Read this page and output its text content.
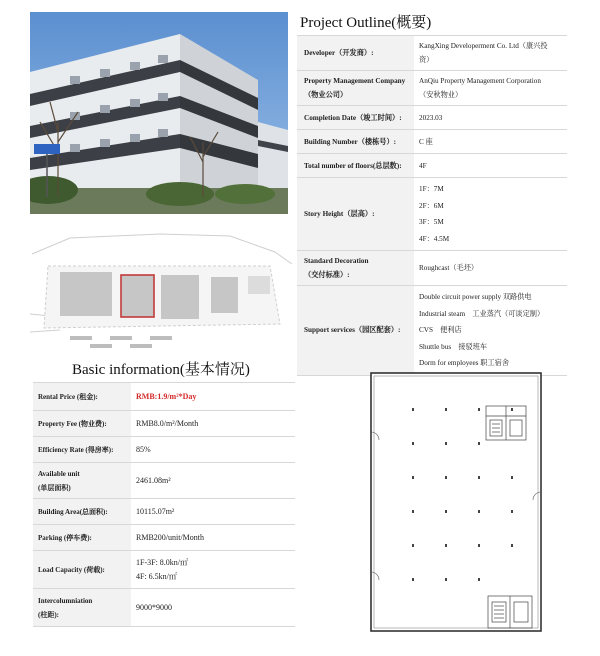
Project Outline(概要)
Developer（开发商）:	KangXing Developerment Co. Ltd（康兴投
资）

Property Management Company
（物业公司）	AnQiu Property Management Corporation
（安秋物业）

Completion Date（竣工时间）:	2023.03
Building Number（楼栋号）:	C 座
Total number of floors(总层数):	4F
Story Height（层高）:	1F：7M
2F：6M
3F：5M
4F：4.5M

Standard Decoration
（交付标准）:	Roughcast（毛坯）
Support services（园区配套）:	Double circuit power supply 双路供电
Industrial steam　工业蒸汽（可谈定制）
CVS　便利店
Shuttle bus　接驳班车
Dorm for employees 职工宿舍
Basic information(基本情况)
Rental Price (租金):	RMB:1.9/m²*Day
Property Fee (物业费):	RMB8.0/m²/Month
Efficiency Rate (得房率):	85%

Available unit
(单层面积)	2461.08m²
Building Area(总面积):	10115.07m²
Parking (停车费):	RMB200/unit/Month
Load Capacity (荷载):	1F-3F: 8.0kn/㎡
4F: 6.5kn/㎡

Intercolumniation
(柱距):	9000*9000
